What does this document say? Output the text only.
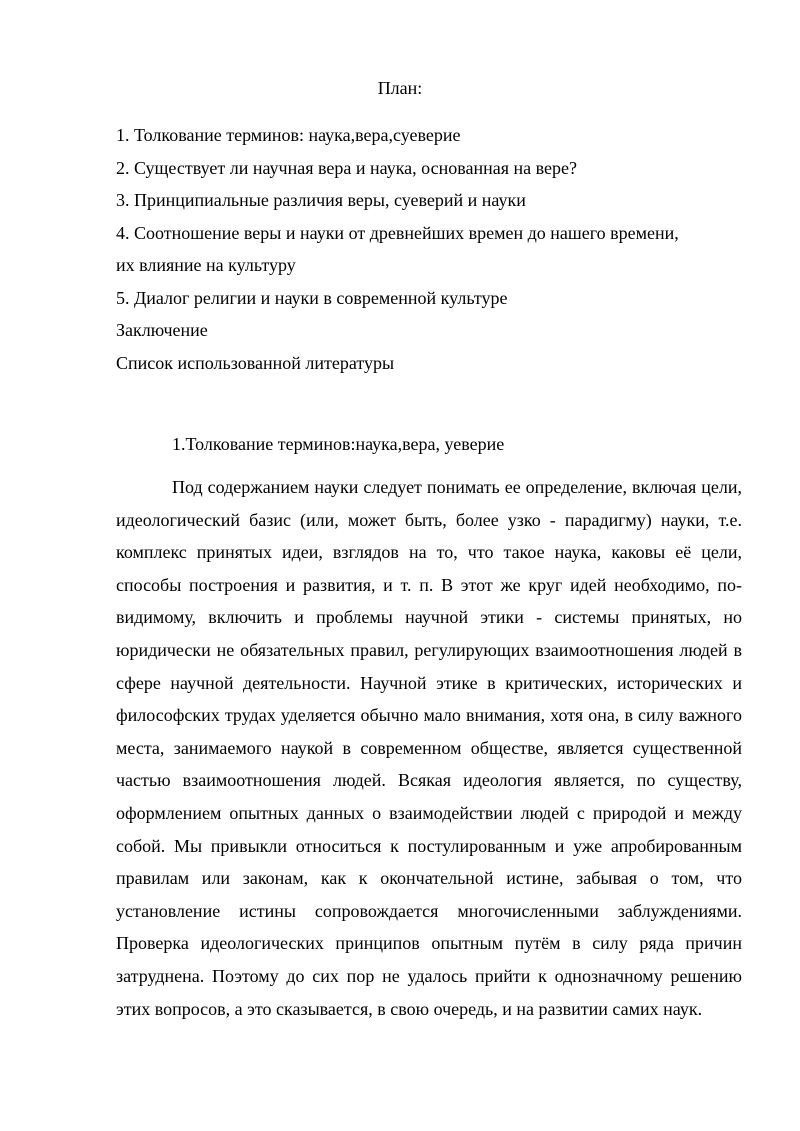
План:
1. Толкование терминов: наука,вера,суеверие
2. Существует ли научная вера и наука, основанная на вере?
3. Принципиальные различия веры, суеверий и науки
4. Соотношение веры и науки от древнейших времен до нашего времени,
их влияние на культуру
5. Диалог религии и науки в современной культуре
Заключение
Список использованной литературы
1.Толкование терминов:наука,вера, уеверие

Под содержанием науки следует понимать ее определение, включая цели, идеологический базис (или, может быть, более узко - парадигму) науки, т.е. комплекс принятых идеи, взглядов на то, что такое наука, каковы её цели, способы построения и развития, и т. п. В этот же круг идей необходимо, по-видимому, включить и проблемы научной этики - системы принятых, но юридически не обязательных правил, регулирующих взаимоотношения людей в сфере научной деятельности. Научной этике в критических, исторических и философских трудах уделяется обычно мало внимания, хотя она, в силу важного места, занимаемого наукой в современном обществе, является существенной частью взаимоотношения людей. Всякая идеология является, по существу, оформлением опытных данных о взаимодействии людей с природой и между собой. Мы привыкли относиться к постулированным и уже апробированным правилам или законам, как к окончательной истине, забывая о том, что установление истины сопровождается многочисленными заблуждениями. Проверка идеологических принципов опытным путём в силу ряда причин затруднена. Поэтому до сих пор не удалось прийти к однозначному решению этих вопросов, а это сказывается, в свою очередь, и на развитии самих наук.
